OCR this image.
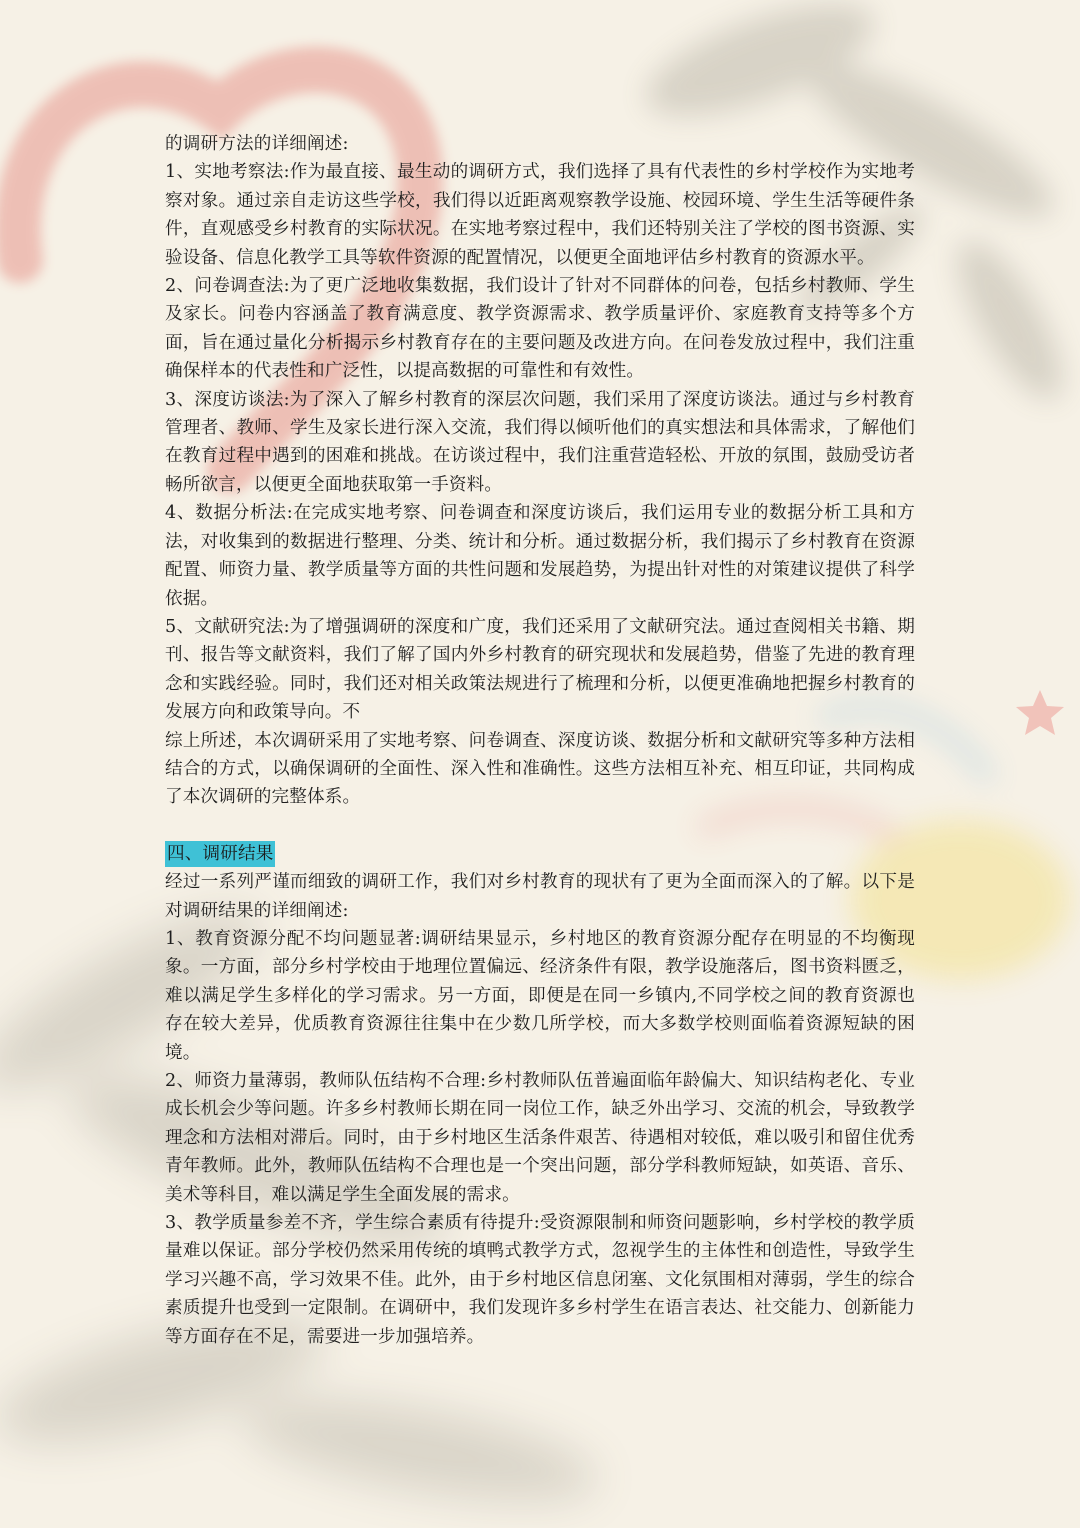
的调研方法的详细阐述:

1、实地考察法:作为最直接、最生动的调研方式，我们选择了具有代表性的乡村学校作为实地考察对象。通过亲自走访这些学校，我们得以近距离观察教学设施、校园环境、学生生活等硬件条件，直观感受乡村教育的实际状况。在实地考察过程中，我们还特别关注了学校的图书资源、实验设备、信息化教学工具等软件资源的配置情况，以便更全面地评估乡村教育的资源水平。

2、问卷调查法:为了更广泛地收集数据，我们设计了针对不同群体的问卷，包括乡村教师、学生及家长。问卷内容涵盖了教育满意度、教学资源需求、教学质量评价、家庭教育支持等多个方面，旨在通过量化分析揭示乡村教育存在的主要问题及改进方向。在问卷发放过程中，我们注重确保样本的代表性和广泛性，以提高数据的可靠性和有效性。

3、深度访谈法:为了深入了解乡村教育的深层次问题，我们采用了深度访谈法。通过与乡村教育管理者、教师、学生及家长进行深入交流，我们得以倾听他们的真实想法和具体需求，了解他们在教育过程中遇到的困难和挑战。在访谈过程中，我们注重营造轻松、开放的氛围，鼓励受访者畅所欲言，以便更全面地获取第一手资料。

4、数据分析法:在完成实地考察、问卷调查和深度访谈后，我们运用专业的数据分析工具和方法，对收集到的数据进行整理、分类、统计和分析。通过数据分析，我们揭示了乡村教育在资源配置、师资力量、教学质量等方面的共性问题和发展趋势，为提出针对性的对策建议提供了科学依据。

5、文献研究法:为了增强调研的深度和广度，我们还采用了文献研究法。通过查阅相关书籍、期刊、报告等文献资料，我们了解了国内外乡村教育的研究现状和发展趋势，借鉴了先进的教育理念和实践经验。同时，我们还对相关政策法规进行了梳理和分析，以便更准确地把握乡村教育的发展方向和政策导向。不

综上所述，本次调研采用了实地考察、问卷调查、深度访谈、数据分析和文献研究等多种方法相结合的方式，以确保调研的全面性、深入性和准确性。这些方法相互补充、相互印证，共同构成了本次调研的完整体系。

四、调研结果

经过一系列严谨而细致的调研工作，我们对乡村教育的现状有了更为全面而深入的了解。以下是对调研结果的详细阐述:

1、教育资源分配不均问题显著:调研结果显示，乡村地区的教育资源分配存在明显的不均衡现象。一方面，部分乡村学校由于地理位置偏远、经济条件有限，教学设施落后，图书资料匮乏，难以满足学生多样化的学习需求。另一方面，即便是在同一乡镇内,不同学校之间的教育资源也存在较大差异，优质教育资源往往集中在少数几所学校，而大多数学校则面临着资源短缺的困境。

2、师资力量薄弱，教师队伍结构不合理:乡村教师队伍普遍面临年龄偏大、知识结构老化、专业成长机会少等问题。许多乡村教师长期在同一岗位工作，缺乏外出学习、交流的机会，导致教学理念和方法相对滞后。同时，由于乡村地区生活条件艰苦、待遇相对较低，难以吸引和留住优秀青年教师。此外，教师队伍结构不合理也是一个突出问题，部分学科教师短缺，如英语、音乐、美术等科目，难以满足学生全面发展的需求。

3、教学质量参差不齐，学生综合素质有待提升:受资源限制和师资问题影响，乡村学校的教学质量难以保证。部分学校仍然采用传统的填鸭式教学方式，忽视学生的主体性和创造性，导致学生学习兴趣不高，学习效果不佳。此外，由于乡村地区信息闭塞、文化氛围相对薄弱，学生的综合素质提升也受到一定限制。在调研中，我们发现许多乡村学生在语言表达、社交能力、创新能力等方面存在不足，需要进一步加强培养。
